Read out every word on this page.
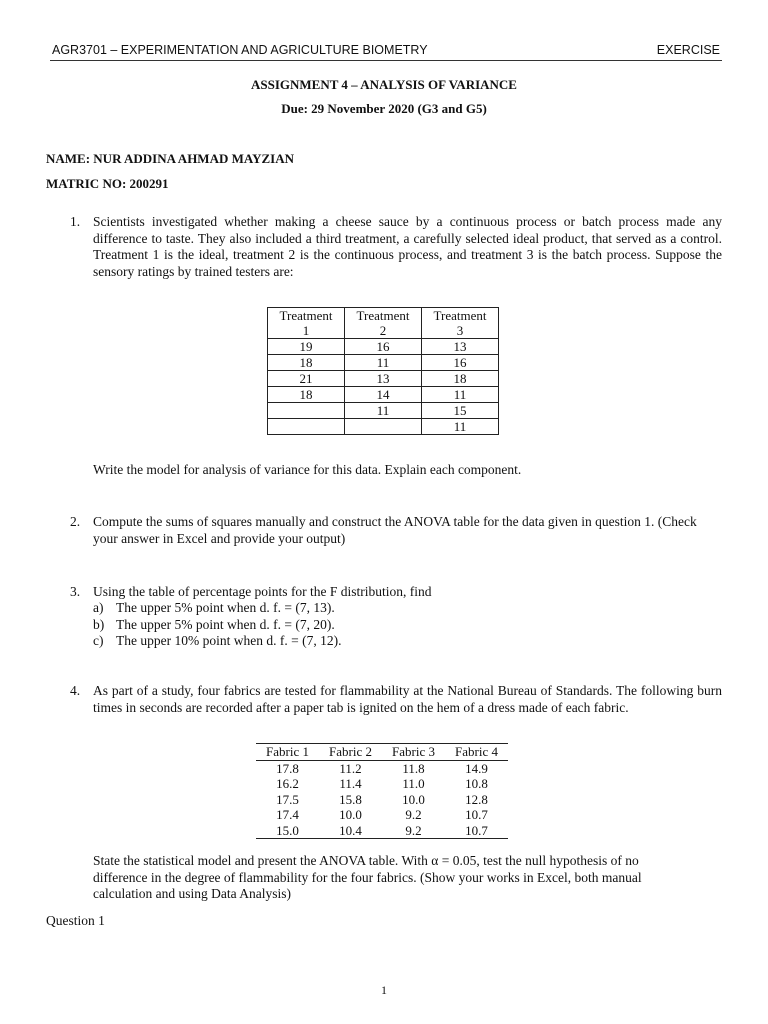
AGR3701 – EXPERIMENTATION AND AGRICULTURE BIOMETRY	EXERCISE
ASSIGNMENT 4 – ANALYSIS OF VARIANCE
Due: 29 November 2020 (G3 and G5)
NAME: NUR ADDINA AHMAD MAYZIAN
MATRIC NO: 200291
1. Scientists investigated whether making a cheese sauce by a continuous process or batch process made any difference to taste. They also included a third treatment, a carefully selected ideal product, that served as a control. Treatment 1 is the ideal, treatment 2 is the continuous process, and treatment 3 is the batch process. Suppose the sensory ratings by trained testers are:
Treatment 1	Treatment 2	Treatment 3
19	16	13
18	11	16
21	13	18
18	14	11
	11	15
		11
Write the model for analysis of variance for this data. Explain each component.
2. Compute the sums of squares manually and construct the ANOVA table for the data given in question 1. (Check your answer in Excel and provide your output)
3. Using the table of percentage points for the F distribution, find
a) The upper 5% point when d. f. = (7, 13).
b) The upper 5% point when d. f. = (7, 20).
c) The upper 10% point when d. f. = (7, 12).
4. As part of a study, four fabrics are tested for flammability at the National Bureau of Standards. The following burn times in seconds are recorded after a paper tab is ignited on the hem of a dress made of each fabric.
Fabric 1	Fabric 2	Fabric 3	Fabric 4
17.8	11.2	11.8	14.9
16.2	11.4	11.0	10.8
17.5	15.8	10.0	12.8
17.4	10.0	9.2	10.7
15.0	10.4	9.2	10.7
State the statistical model and present the ANOVA table. With α = 0.05, test the null hypothesis of no difference in the degree of flammability for the four fabrics. (Show your works in Excel, both manual calculation and using Data Analysis)
Question 1
1
